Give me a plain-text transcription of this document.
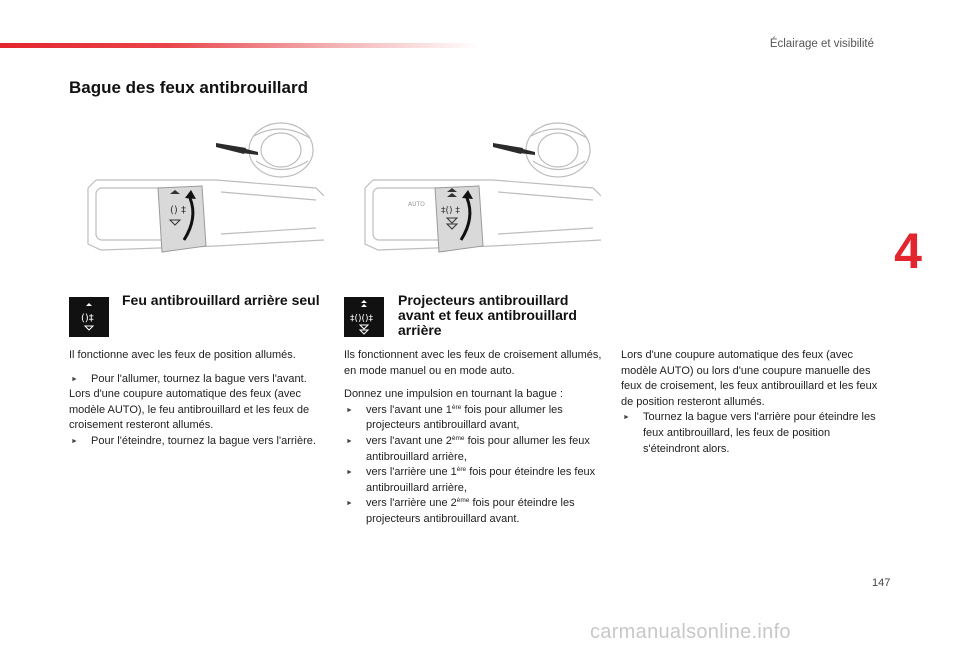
Éclairage et visibilité
4
Bague des feux antibrouillard
() ‡
AUTO
‡() ‡
()‡	‡()()‡
Feu antibrouillard arrière seul	Projecteurs antibrouillard avant et feux antibrouillard arrière

Il fonctionne avec les feux de position allumés.

► Pour l'allumer, tournez la bague vers l'avant.

Lors d'une coupure automatique des feux (avec modèle AUTO), le feu antibrouillard et les feux de croisement resteront allumés.

► Pour l'éteindre, tournez la bague vers l'arrière.

Ils fonctionnent avec les feux de croisement allumés, en mode manuel ou en mode auto.

Donnez une impulsion en tournant la bague :

► vers l'avant une 1ère fois pour allumer les projecteurs antibrouillard avant,

► vers l'avant une 2ème fois pour allumer les feux antibrouillard arrière,

► vers l'arrière une 1ère fois pour éteindre les feux antibrouillard arrière,

► vers l'arrière une 2ème fois pour éteindre les projecteurs antibrouillard avant.

Lors d'une coupure automatique des feux (avec modèle AUTO) ou lors d'une coupure manuelle des feux de croisement, les feux antibrouillard et les feux de position resteront allumés.

► Tournez la bague vers l'arrière pour éteindre les feux antibrouillard, les feux de position s'éteindront alors.

147
carmanualsonline.info
